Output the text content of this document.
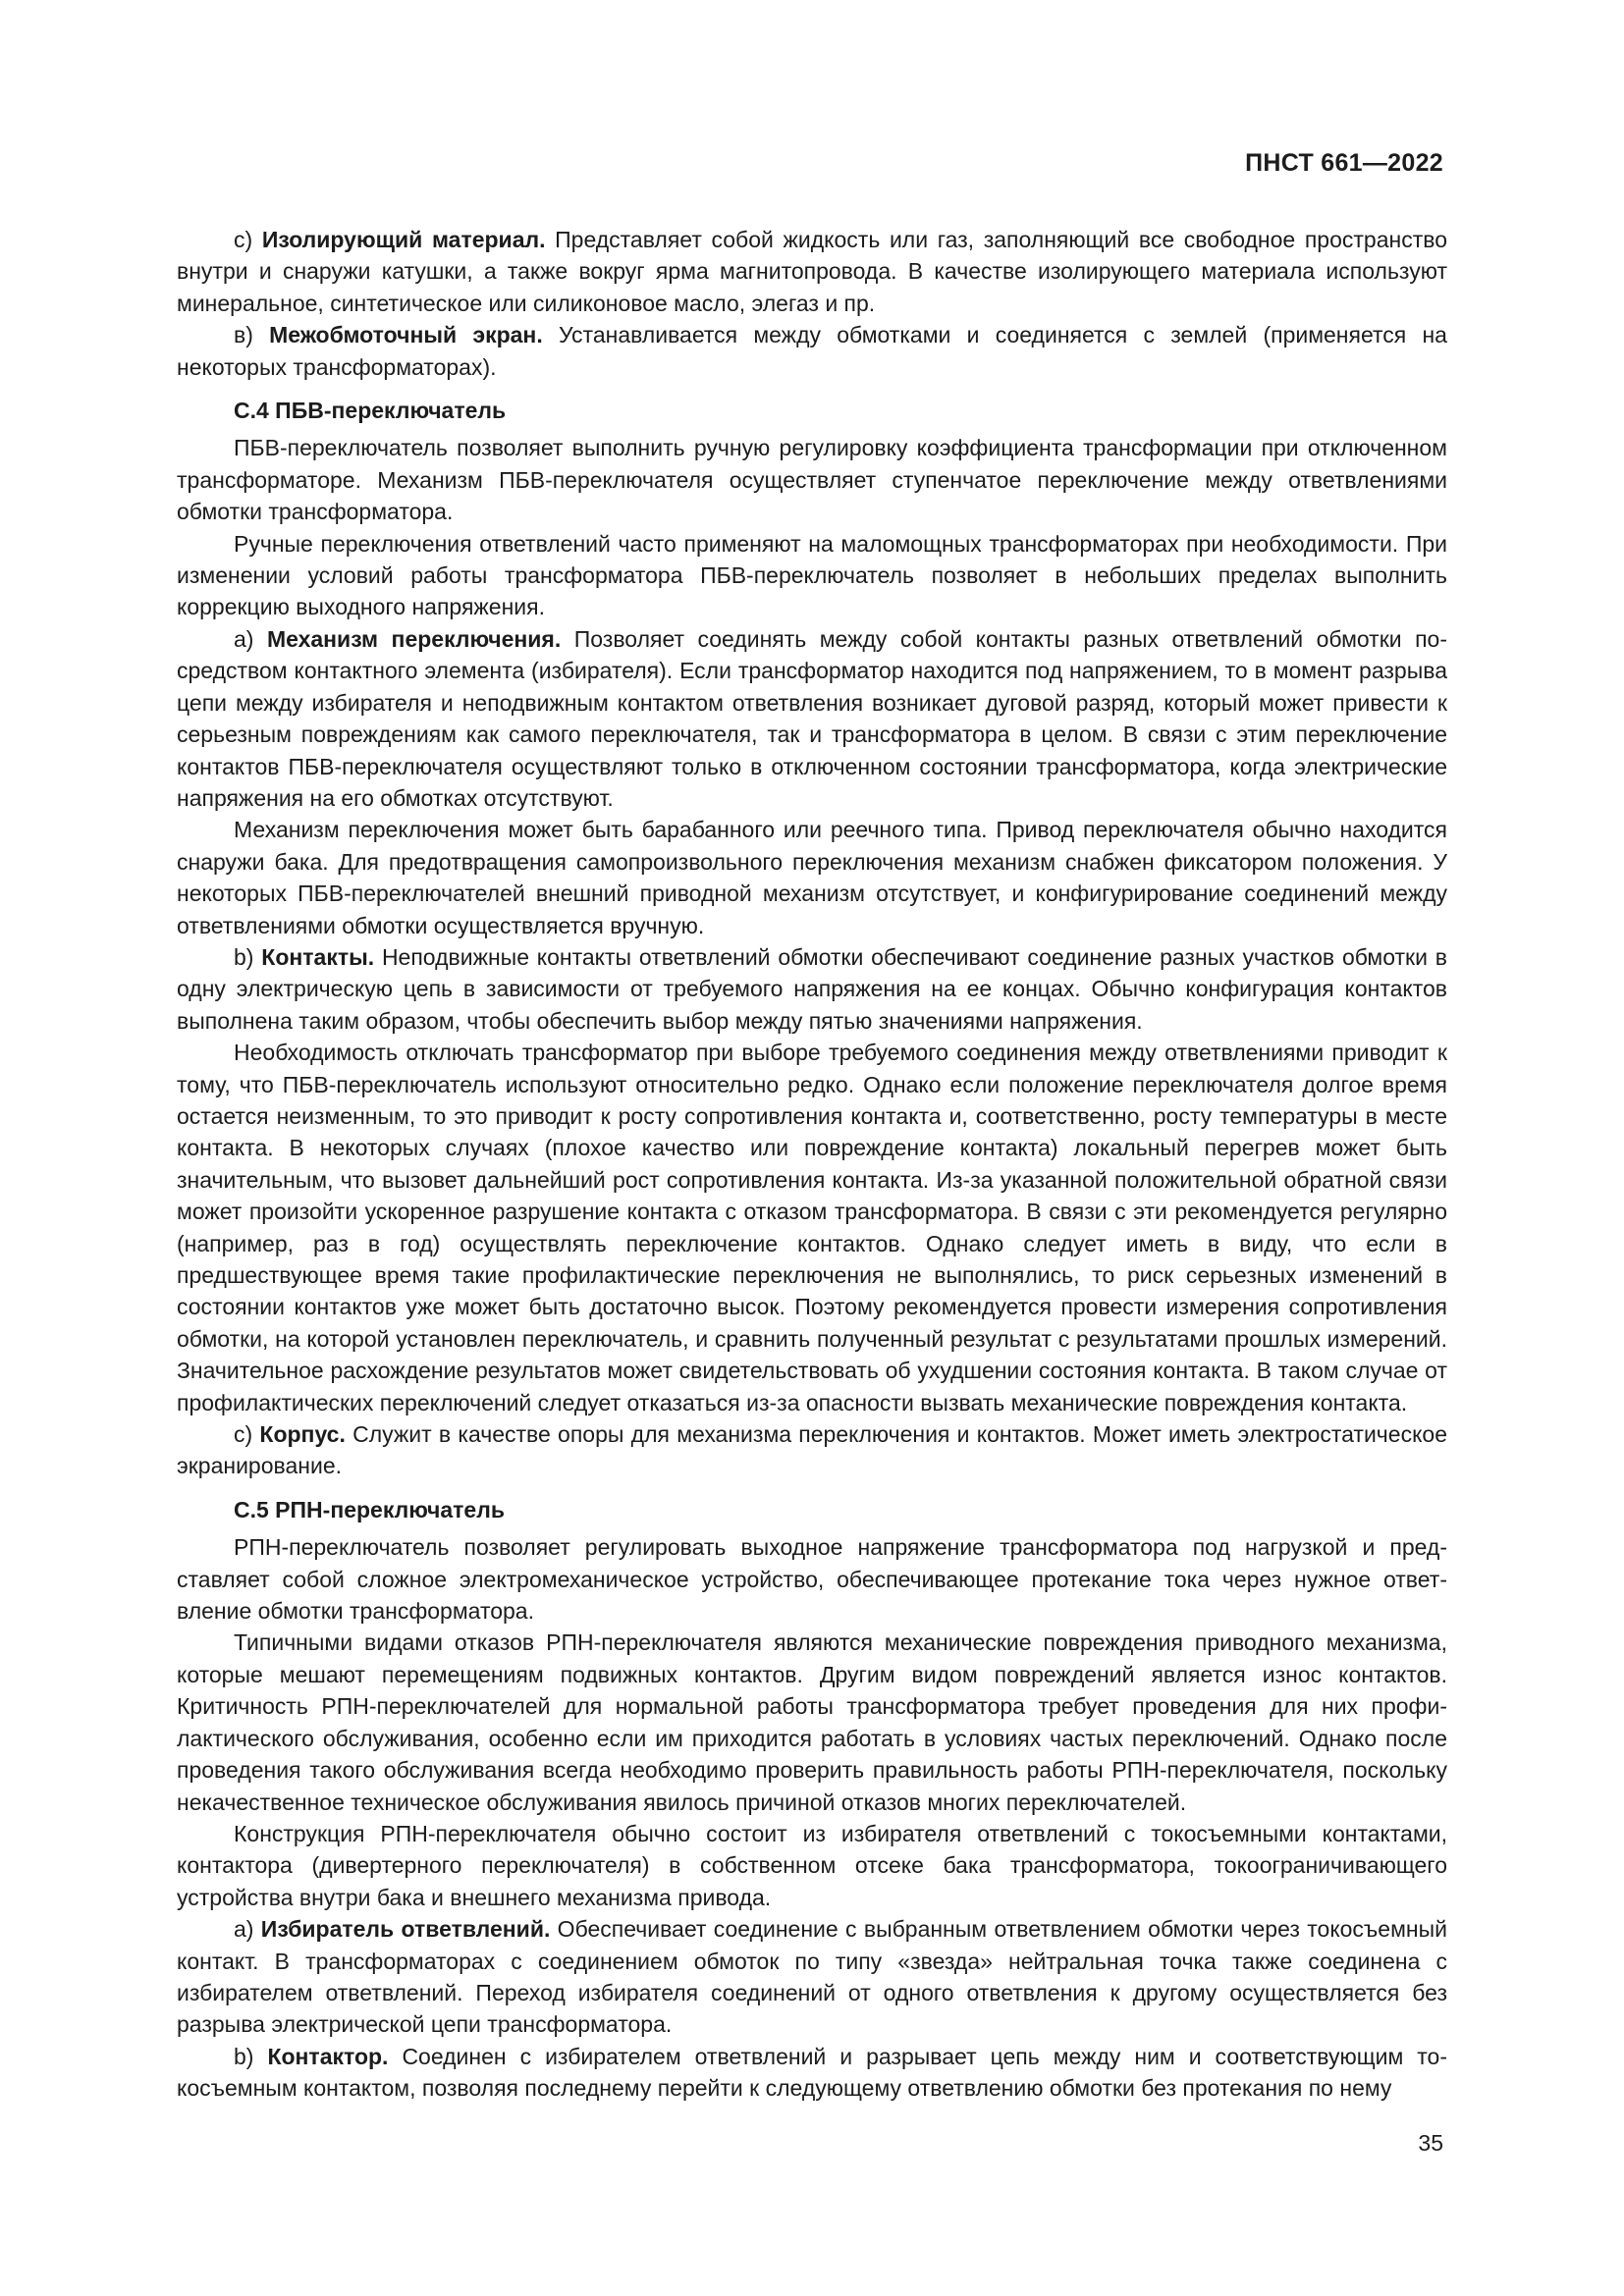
ПНСТ 661—2022

c) Изолирующий материал. Представляет собой жидкость или газ, заполняющий все свободное пространство внутри и снаружи катушки, а также вокруг ярма магнитопровода. В качестве изолирующего материала используют минеральное, синтетическое или силиконовое масло, элегаз и пр.

в) Межобмоточный экран. Устанавливается между обмотками и соединяется с землей (применяется на некоторых трансформаторах).

С.4 ПБВ-переключатель

ПБВ-переключатель позволяет выполнить ручную регулировку коэффициента трансформации при отключенном трансформаторе. Механизм ПБВ-переключателя осуществляет ступенчатое переключение между ответвлениями обмотки трансформатора.

Ручные переключения ответвлений часто применяют на маломощных трансформаторах при необходимости. При изменении условий работы трансформатора ПБВ-переключатель позволяет в небольших пределах выполнить коррекцию выходного напряжения.

a) Механизм переключения. Позволяет соединять между собой контакты разных ответвлений обмотки посредством контактного элемента (избирателя). Если трансформатор находится под напряжением, то в момент разрыва цепи между избирателя и неподвижным контактом ответвления возникает дуговой разряд, который может привести к серьезным повреждениям как самого переключателя, так и трансформатора в целом. В связи с этим переключение контактов ПБВ-переключателя осуществляют только в отключенном состоянии трансформатора, когда электрические напряжения на его обмотках отсутствуют.

Механизм переключения может быть барабанного или реечного типа. Привод переключателя обычно находится снаружи бака. Для предотвращения самопроизвольного переключения механизм снабжен фиксатором положения. У некоторых ПБВ-переключателей внешний приводной механизм отсутствует, и конфигурирование соединений между ответвлениями обмотки осуществляется вручную.

b) Контакты. Неподвижные контакты ответвлений обмотки обеспечивают соединение разных участков обмотки в одну электрическую цепь в зависимости от требуемого напряжения на ее концах. Обычно конфигурация контактов выполнена таким образом, чтобы обеспечить выбор между пятью значениями напряжения.

Необходимость отключать трансформатор при выборе требуемого соединения между ответвлениями приводит к тому, что ПБВ-переключатель используют относительно редко. Однако если положение переключателя долгое время остается неизменным, то это приводит к росту сопротивления контакта и, соответственно, росту температуры в месте контакта. В некоторых случаях (плохое качество или повреждение контакта) локальный перегрев может быть значительным, что вызовет дальнейший рост сопротивления контакта. Из-за указанной положительной обратной связи может произойти ускоренное разрушение контакта с отказом трансформатора. В связи с эти рекомендуется регулярно (например, раз в год) осуществлять переключение контактов. Однако следует иметь в виду, что если в предшествующее время такие профилактические переключения не выполнялись, то риск серьезных изменений в состоянии контактов уже может быть достаточно высок. Поэтому рекомендуется провести измерения сопротивления обмотки, на которой установлен переключатель, и сравнить полученный результат с результатами прошлых измерений. Значительное расхождение результатов может свидетельствовать об ухудшении состояния контакта. В таком случае от профилактических переключений следует отказаться из-за опасности вызвать механические повреждения контакта.

c) Корпус. Служит в качестве опоры для механизма переключения и контактов. Может иметь электростатическое экранирование.

С.5 РПН-переключатель

РПН-переключатель позволяет регулировать выходное напряжение трансформатора под нагрузкой и представляет собой сложное электромеханическое устройство, обеспечивающее протекание тока через нужное ответвление обмотки трансформатора.

Типичными видами отказов РПН-переключателя являются механические повреждения приводного механизма, которые мешают перемещениям подвижных контактов. Другим видом повреждений является износ контактов. Критичность РПН-переключателей для нормальной работы трансформатора требует проведения для них профилактического обслуживания, особенно если им приходится работать в условиях частых переключений. Однако после проведения такого обслуживания всегда необходимо проверить правильность работы РПН-переключателя, поскольку некачественное техническое обслуживания явилось причиной отказов многих переключателей.

Конструкция РПН-переключателя обычно состоит из избирателя ответвлений с токосъемными контактами, контактора (дивертерного переключателя) в собственном отсеке бака трансформатора, токоограничивающего устройства внутри бака и внешнего механизма привода.

a) Избиратель ответвлений. Обеспечивает соединение с выбранным ответвлением обмотки через токосъемный контакт. В трансформаторах с соединением обмоток по типу «звезда» нейтральная точка также соединена с избирателем ответвлений. Переход избирателя соединений от одного ответвления к другому осуществляется без разрыва электрической цепи трансформатора.

b) Контактор. Соединен с избирателем ответвлений и разрывает цепь между ним и соответствующим токосъемным контактом, позволяя последнему перейти к следующему ответвлению обмотки без протекания по нему

35
